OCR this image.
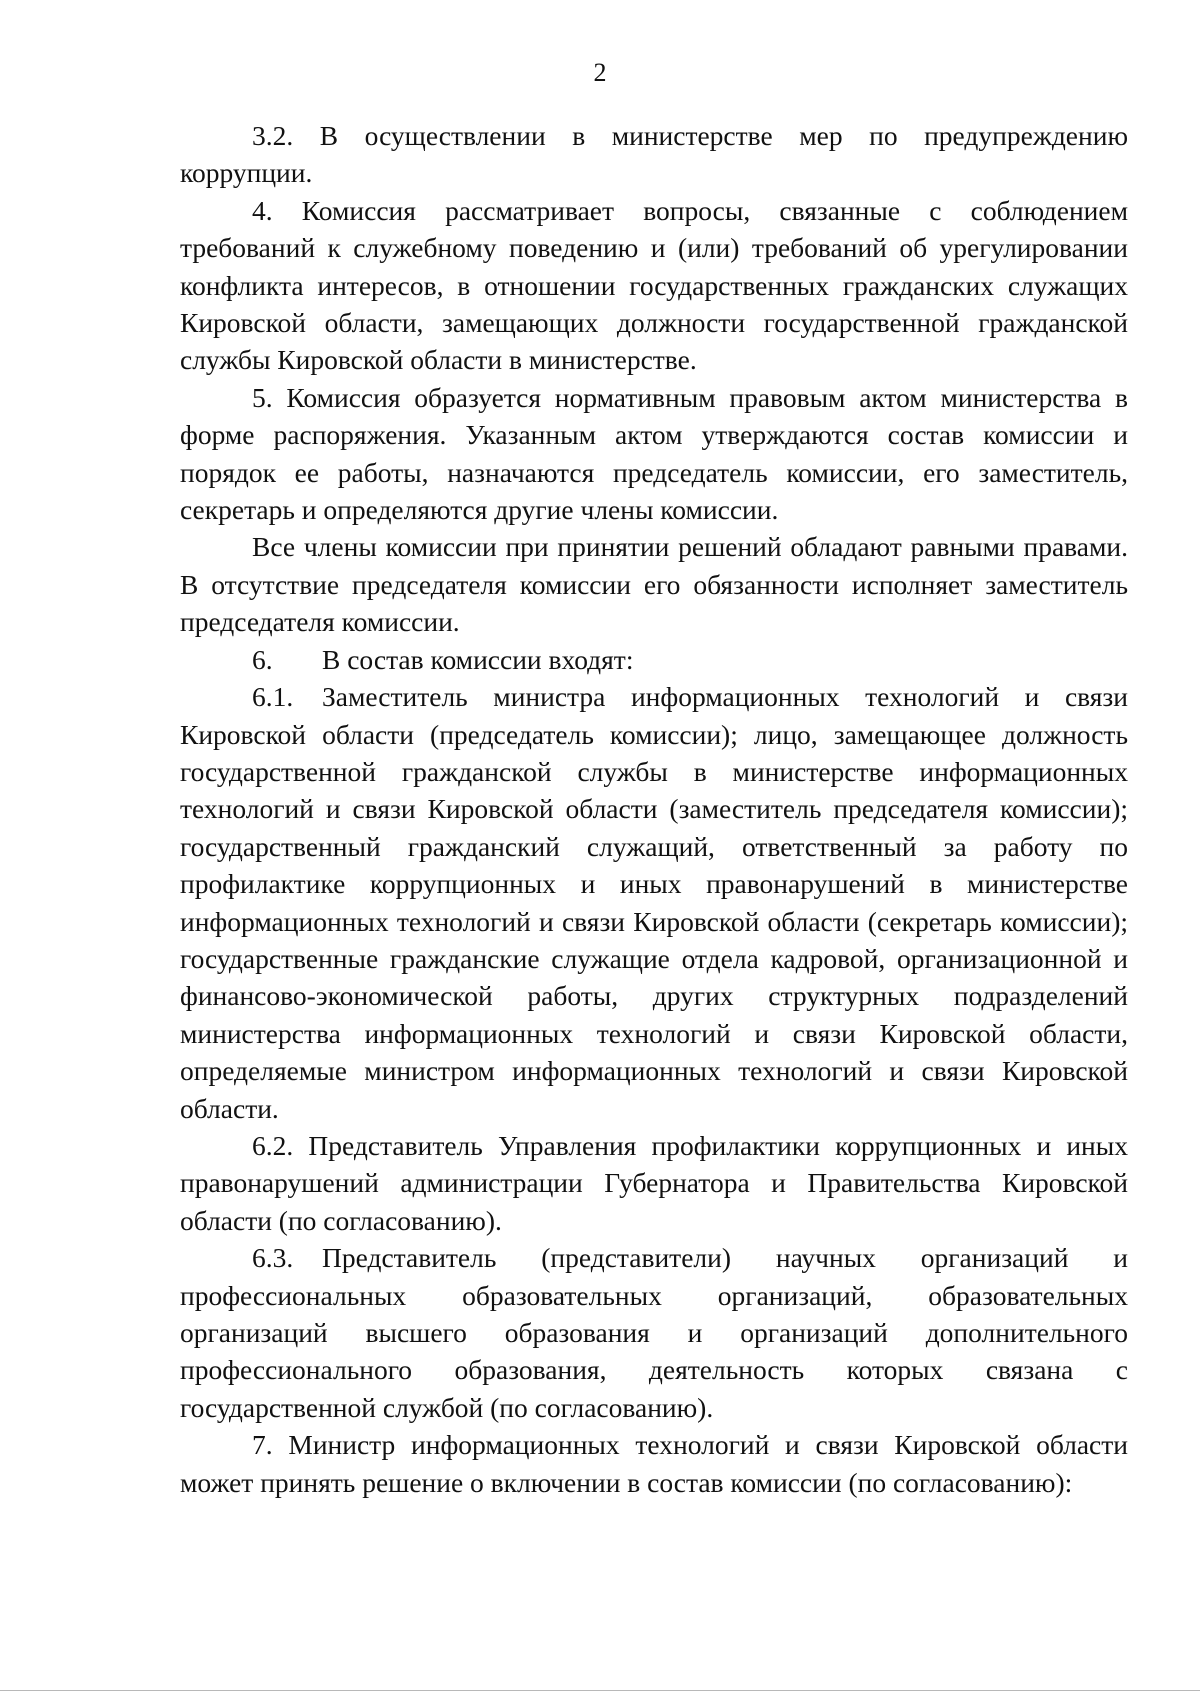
2

3.2. В осуществлении в министерстве мер по предупреждению коррупции.

4. Комиссия рассматривает вопросы, связанные с соблюдением требований к служебному поведению и (или) требований об урегулировании конфликта интересов, в отношении государственных гражданских служащих Кировской области, замещающих должности государственной гражданской службы Кировской области в министерстве.

5. Комиссия образуется нормативным правовым актом министерства в форме распоряжения. Указанным актом утверждаются состав комиссии и порядок ее работы, назначаются председатель комиссии, его заместитель, секретарь и определяются другие члены комиссии.

Все члены комиссии при принятии решений обладают равными правами. В отсутствие председателя комиссии его обязанности исполняет заместитель председателя комиссии.

6. В состав комиссии входят:

6.1. Заместитель министра информационных технологий и связи Кировской области (председатель комиссии); лицо, замещающее должность государственной гражданской службы в министерстве информационных технологий и связи Кировской области (заместитель председателя комиссии); государственный гражданский служащий, ответственный за работу по профилактике коррупционных и иных правонарушений в министерстве информационных технологий и связи Кировской области (секретарь комиссии); государственные гражданские служащие отдела кадровой, организационной и финансово-экономической работы, других структурных подразделений министерства информационных технологий и связи Кировской области, определяемые министром информационных технологий и связи Кировской области.

6.2. Представитель Управления профилактики коррупционных и иных правонарушений администрации Губернатора и Правительства Кировской области (по согласованию).

6.3. Представитель (представители) научных организаций и профессиональных образовательных организаций, образовательных организаций высшего образования и организаций дополнительного профессионального образования, деятельность которых связана с государственной службой (по согласованию).

7. Министр информационных технологий и связи Кировской области может принять решение о включении в состав комиссии (по согласованию):
